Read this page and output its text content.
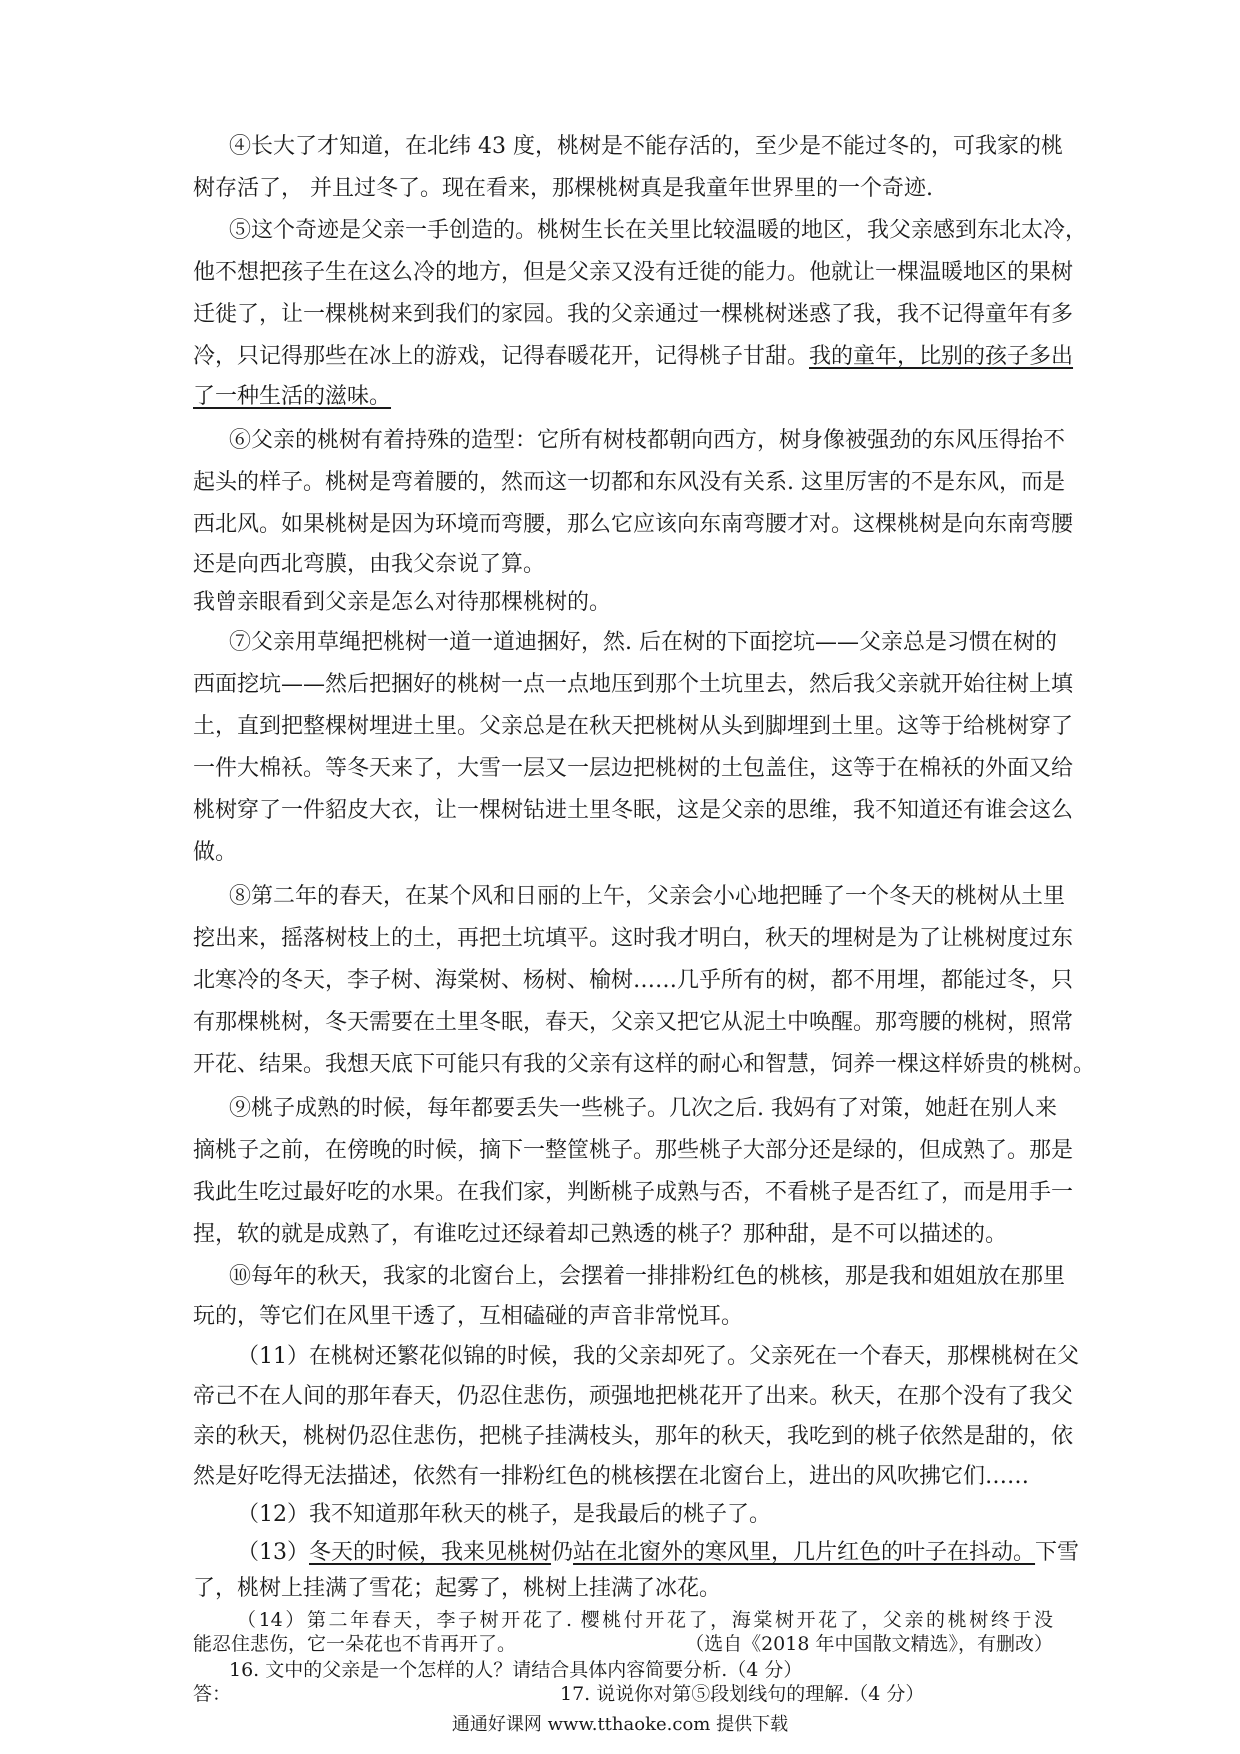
④长大了才知道，在北纬 43 度，桃树是不能存活的，至少是不能过冬的，可我家的桃
树存活了， 并且过冬了。现在看来，那棵桃树真是我童年世界里的一个奇迹.
⑤这个奇迹是父亲一手创造的。桃树生长在关里比较温暖的地区，我父亲感到东北太冷，
他不想把孩子生在这么冷的地方，但是父亲又没有迁徙的能力。他就让一棵温暖地区的果树
迁徙了，让一棵桃树来到我们的家园。我的父亲通过一棵桃树迷惑了我，我不记得童年有多
冷，只记得那些在冰上的游戏，记得春暖花开，记得桃子甘甜。我的童年，比别的孩子多出
了一种生活的滋味。
⑥父亲的桃树有着持殊的造型：它所有树枝都朝向西方，树身像被强劲的东风压得抬不
起头的样子。桃树是弯着腰的，然而这一切都和东风没有关系. 这里厉害的不是东风，而是
西北风。如果桃树是因为环境而弯腰，那么它应该向东南弯腰才对。这棵桃树是向东南弯腰
还是向西北弯膜，由我父奈说了算。
我曾亲眼看到父亲是怎么对待那棵桃树的。
⑦父亲用草绳把桃树一道一道迪捆好，然. 后在树的下面挖坑——父亲总是习惯在树的
西面挖坑——然后把捆好的桃树一点一点地压到那个土坑里去，然后我父亲就开始往树上填
土，直到把整棵树埋进土里。父亲总是在秋天把桃树从头到脚埋到土里。这等于给桃树穿了
一件大棉袄。等冬天来了，大雪一层又一层边把桃树的土包盖住，这等于在棉袄的外面又给
桃树穿了一件貂皮大衣，让一棵树钻进土里冬眠，这是父亲的思维，我不知道还有谁会这么
做。
⑧第二年的春天，在某个风和日丽的上午，父亲会小心地把睡了一个冬天的桃树从土里
挖出来，摇落树枝上的土，再把土坑填平。这时我才明白，秋天的埋树是为了让桃树度过东
北寒冷的冬天，李子树、海棠树、杨树、榆树……几乎所有的树，都不用埋，都能过冬，只
有那棵桃树，冬天需要在土里冬眠，春天，父亲又把它从泥土中唤醒。那弯腰的桃树，照常
开花、结果。我想天底下可能只有我的父亲有这样的耐心和智慧，饲养一棵这样娇贵的桃树。
⑨桃子成熟的时候，每年都要丢失一些桃子。几次之后. 我妈有了对策，她赶在别人来
摘桃子之前，在傍晚的时候，摘下一整筐桃子。那些桃子大部分还是绿的，但成熟了。那是
我此生吃过最好吃的水果。在我们家，判断桃子成熟与否，不看桃子是否红了，而是用手一
捏，软的就是成熟了，有谁吃过还绿着却己熟透的桃子？那种甜，是不可以描述的。
⑩每年的秋天，我家的北窗台上，会摆着一排排粉红色的桃核，那是我和姐姐放在那里
玩的，等它们在风里干透了，互相磕碰的声音非常悦耳。
（11）在桃树还繁花似锦的时候，我的父亲却死了。父亲死在一个春天，那棵桃树在父
帝己不在人间的那年春天，仍忍住悲伤，顽强地把桃花开了出来。秋天，在那个没有了我父
亲的秋天，桃树仍忍住悲伤，把桃子挂满枝头，那年的秋天，我吃到的桃子依然是甜的，依
然是好吃得无法描述，依然有一排粉红色的桃核摆在北窗台上，进出的风吹拂它们……
（12）我不知道那年秋天的桃子，是我最后的桃子了。
通通好课网 www.tthaoke.com 提供下载
（13）冬天的时候，我来见桃树仍站在北窗外的寒风里，几片红色的叶子在抖动。下雪
了，桃树上挂满了雪花；起雾了，桃树上挂满了冰花。
（14）第二年春天，李子树开花了. 樱桃付开花了，海棠树开花了，父亲的桃树终于没
能忍住悲伤，它一朵花也不肯再开了。	（选自《2018 年中国散文精选》，有删改）
16. 文中的父亲是一个怎样的人？请结合具体内容简要分析.（4 分）
答：	17. 说说你对第⑤段划线句的理解.（4 分）
